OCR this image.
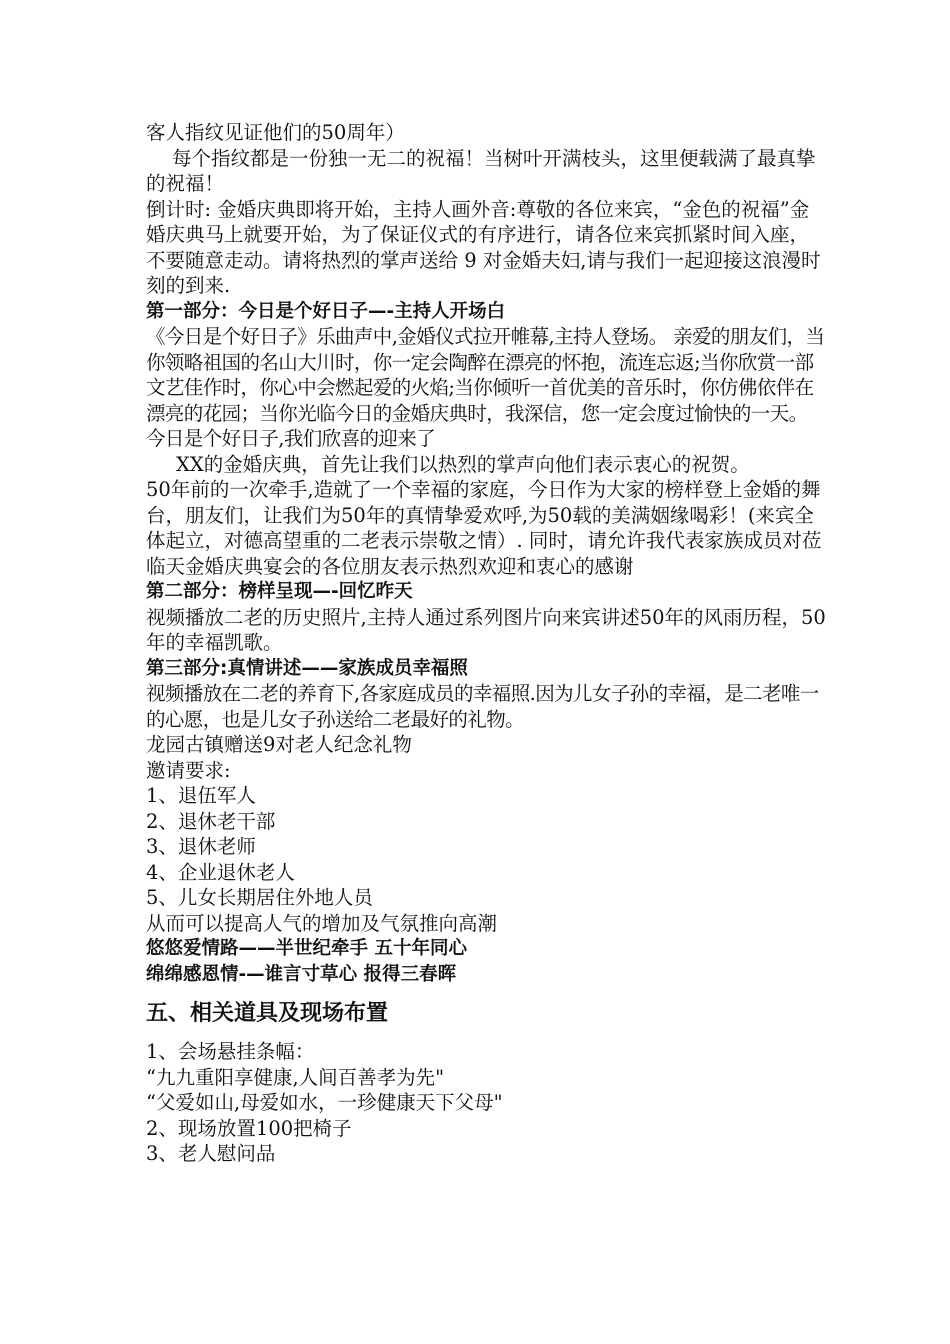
客人指纹见证他们的50周年）

每个指纹都是一份独一无二的祝福！当树叶开满枝头，这里便载满了最真挚的祝福！

倒计时: 金婚庆典即将开始，主持人画外音:尊敬的各位来宾，“金色的祝福”金婚庆典马上就要开始，为了保证仪式的有序进行，请各位来宾抓紧时间入座，不要随意走动。请将热烈的掌声送给 9 对金婚夫妇,请与我们一起迎接这浪漫时刻的到来.

第一部分：今日是个好日子—-主持人开场白

《今日是个好日子》乐曲声中,金婚仪式拉开帷幕,主持人登场。 亲爱的朋友们，当你领略祖国的名山大川时，你一定会陶醉在漂亮的怀抱，流连忘返;当你欣赏一部文艺佳作时，你心中会燃起爱的火焰;当你倾听一首优美的音乐时，你仿佛依伴在漂亮的花园；当你光临今日的金婚庆典时，我深信，您一定会度过愉快的一天。今日是个好日子,我们欣喜的迎来了

XX的金婚庆典，首先让我们以热烈的掌声向他们表示衷心的祝贺。

50年前的一次牵手,造就了一个幸福的家庭，今日作为大家的榜样登上金婚的舞台，朋友们，让我们为50年的真情挚爱欢呼,为50载的美满姻缘喝彩！(来宾全体起立，对德高望重的二老表示崇敬之情）. 同时，请允许我代表家族成员对莅临天金婚庆典宴会的各位朋友表示热烈欢迎和衷心的感谢

第二部分：榜样呈现—-回忆昨天

视频播放二老的历史照片,主持人通过系列图片向来宾讲述50年的风雨历程，50年的幸福凯歌。

第三部分:真情讲述——家族成员幸福照

视频播放在二老的养育下,各家庭成员的幸福照.因为儿女子孙的幸福，是二老唯一的心愿，也是儿女子孙送给二老最好的礼物。

龙园古镇赠送9对老人纪念礼物

邀请要求:

1、退伍军人

2、退休老干部

3、退休老师

4、企业退休老人

5、儿女长期居住外地人员

从而可以提高人气的增加及气氛推向高潮

悠悠爱情路——半世纪牵手 五十年同心

绵绵感恩情-—谁言寸草心 报得三春晖

五、相关道具及现场布置

1、会场悬挂条幅：

“九九重阳享健康,人间百善孝为先"

“父爱如山,母爱如水，一珍健康天下父母"

2、现场放置100把椅子

3、老人慰问品
